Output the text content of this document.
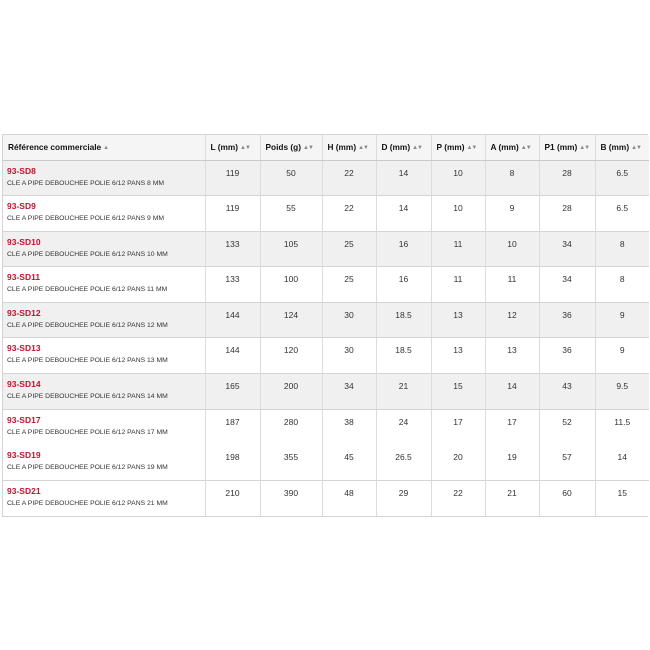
Référence commerciale ▲	L (mm) ▲▼	Poids (g) ▲▼	H (mm) ▲▼	D (mm) ▲▼	P (mm) ▲▼	A (mm) ▲▼	P1 (mm) ▲▼	B (mm) ▲▼

93-SD8
CLE A PIPE DEBOUCHEE POLIE 6/12 PANS 8 MM	119	50	22	14	10	8	28	6.5

93-SD9
CLE A PIPE DEBOUCHEE POLIE 6/12 PANS 9 MM	119	55	22	14	10	9	28	6.5

93-SD10
CLE A PIPE DEBOUCHEE POLIE 6/12 PANS 10 MM	133	105	25	16	11	10	34	8

93-SD11
CLE A PIPE DEBOUCHEE POLIE 6/12 PANS 11 MM	133	100	25	16	11	11	34	8

93-SD12
CLE A PIPE DEBOUCHEE POLIE 6/12 PANS 12 MM	144	124	30	18.5	13	12	36	9

93-SD13
CLE A PIPE DEBOUCHEE POLIE 6/12 PANS 13 MM	144	120	30	18.5	13	13	36	9

93-SD14
CLE A PIPE DEBOUCHEE POLIE 6/12 PANS 14 MM	165	200	34	21	15	14	43	9.5

93-SD17
CLE A PIPE DEBOUCHEE POLIE 6/12 PANS 17 MM	187	280	38	24	17	17	52	11.5

93-SD19
CLE A PIPE DEBOUCHEE POLIE 6/12 PANS 19 MM	198	355	45	26.5	20	19	57	14

93-SD21
CLE A PIPE DEBOUCHEE POLIE 6/12 PANS 21 MM	210	390	48	29	22	21	60	15
